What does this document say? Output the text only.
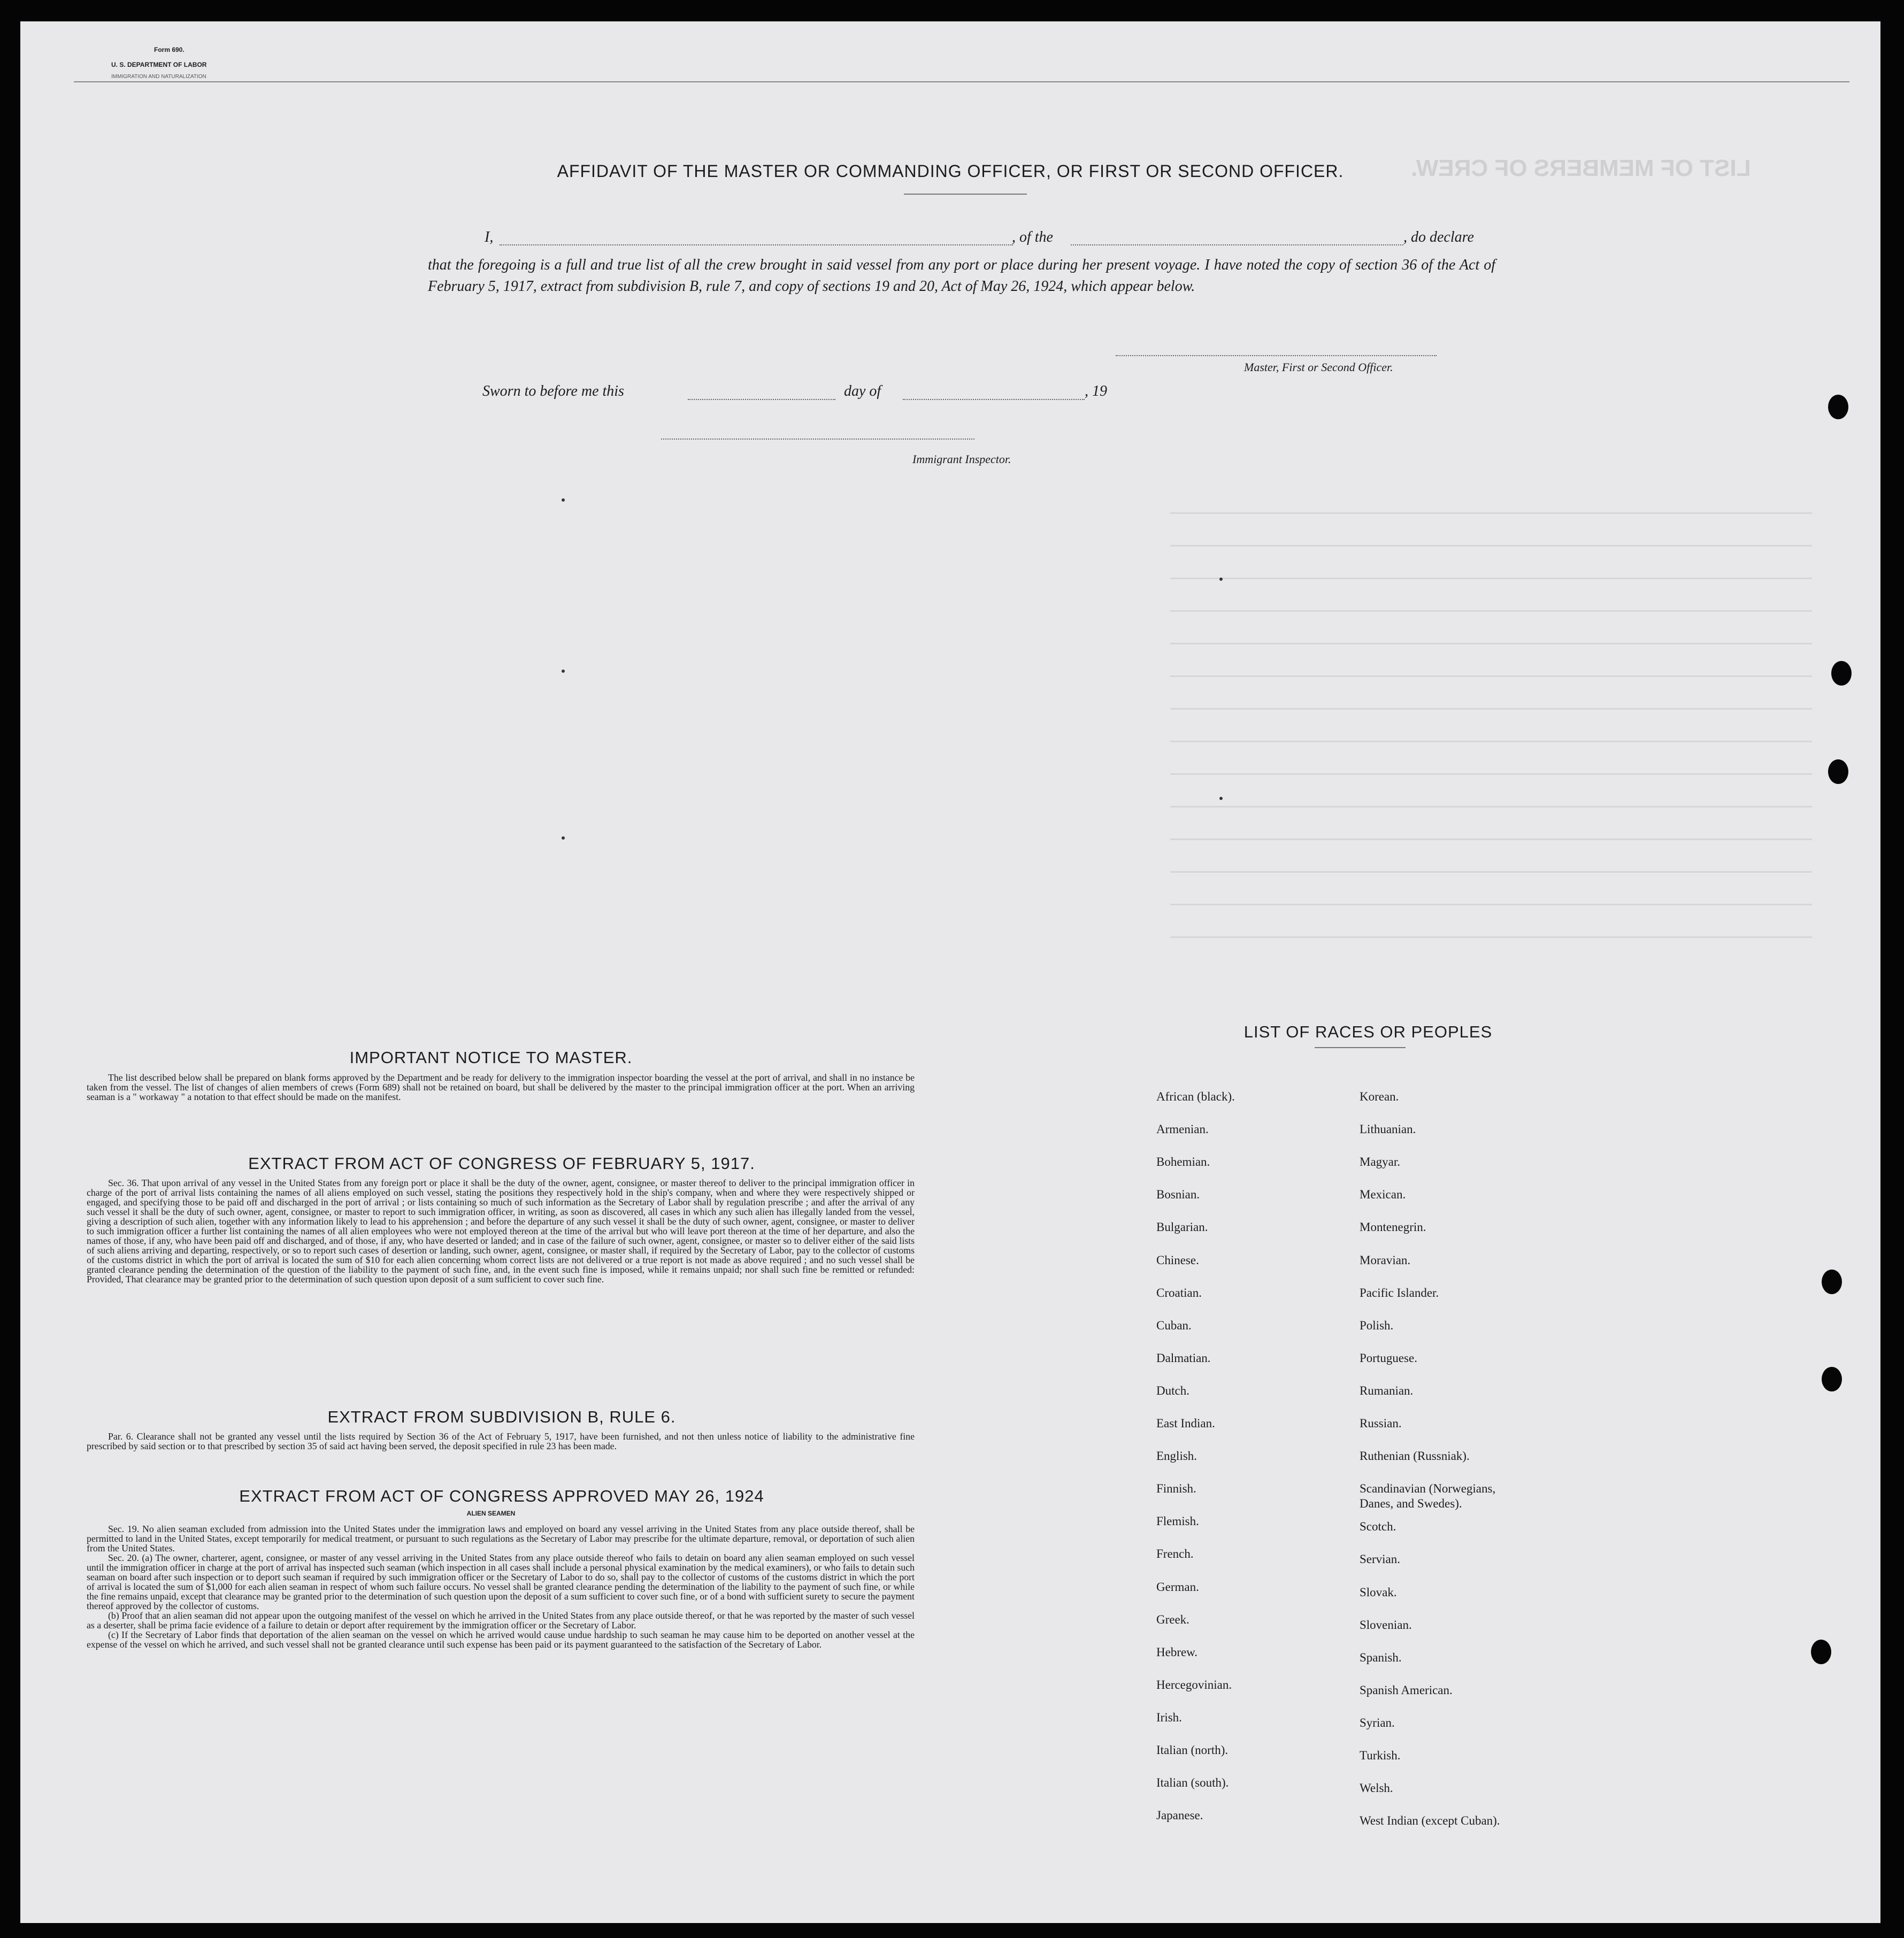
LIST OF MEMBERS OF CREW.
Form 690.
U. S. DEPARTMENT OF LABOR
IMMIGRATION AND NATURALIZATION
AFFIDAVIT OF THE MASTER OR COMMANDING OFFICER, OR FIRST OR SECOND OFFICER.
I,	, of the	, do declare
that the foregoing is a full and true list of all the crew brought in said vessel from any port or place during her present voyage. I have noted the copy of section 36 of the Act of February 5, 1917, extract from subdivision B, rule 7, and copy of sections 19 and 20, Act of May 26, 1924, which appear below.
Master, First or Second Officer.
Sworn to before me this	day of	, 19
Immigrant Inspector.
IMPORTANT NOTICE TO MASTER.

The list described below shall be prepared on blank forms approved by the Department and be ready for delivery to the immigration inspector boarding the vessel at the port of arrival, and shall in no instance be taken from the vessel. The list of changes of alien members of crews (Form 689) shall not be retained on board, but shall be delivered by the master to the principal immigration officer at the port. When an arriving seaman is a " workaway " a notation to that effect should be made on the manifest.

EXTRACT FROM ACT OF CONGRESS OF FEBRUARY 5, 1917.

Sec. 36. That upon arrival of any vessel in the United States from any foreign port or place it shall be the duty of the owner, agent, consignee, or master thereof to deliver to the principal immigration officer in charge of the port of arrival lists containing the names of all aliens employed on such vessel, stating the positions they respectively hold in the ship's company, when and where they were respectively shipped or engaged, and specifying those to be paid off and discharged in the port of arrival ; or lists containing so much of such information as the Secretary of Labor shall by regulation prescribe ; and after the arrival of any such vessel it shall be the duty of such owner, agent, consignee, or master to report to such immigration officer, in writing, as soon as discovered, all cases in which any such alien has illegally landed from the vessel, giving a description of such alien, together with any information likely to lead to his apprehension ; and before the departure of any such vessel it shall be the duty of such owner, agent, consignee, or master to deliver to such immigration officer a further list containing the names of all alien employees who were not employed thereon at the time of the arrival but who will leave port thereon at the time of her departure, and also the names of those, if any, who have been paid off and discharged, and of those, if any, who have deserted or landed; and in case of the failure of such owner, agent, consignee, or master so to deliver either of the said lists of such aliens arriving and departing, respectively, or so to report such cases of desertion or landing, such owner, agent, consignee, or master shall, if required by the Secretary of Labor, pay to the collector of customs of the customs district in which the port of arrival is located the sum of $10 for each alien concerning whom correct lists are not delivered or a true report is not made as above required ; and no such vessel shall be granted clearance pending the determination of the question of the liability to the payment of such fine, and, in the event such fine is imposed, while it remains unpaid; nor shall such fine be remitted or refunded: Provided, That clearance may be granted prior to the determination of such question upon deposit of a sum sufficient to cover such fine.

EXTRACT FROM SUBDIVISION B, RULE 6.

Par. 6. Clearance shall not be granted any vessel until the lists required by Section 36 of the Act of February 5, 1917, have been furnished, and not then unless notice of liability to the administrative fine prescribed by said section or to that prescribed by section 35 of said act having been served, the deposit specified in rule 23 has been made.

EXTRACT FROM ACT OF CONGRESS APPROVED MAY 26, 1924
ALIEN SEAMEN

Sec. 19. No alien seaman excluded from admission into the United States under the immigration laws and employed on board any vessel arriving in the United States from any place outside thereof, shall be permitted to land in the United States, except temporarily for medical treatment, or pursuant to such regulations as the Secretary of Labor may prescribe for the ultimate departure, removal, or deportation of such alien from the United States.

Sec. 20. (a) The owner, charterer, agent, consignee, or master of any vessel arriving in the United States from any place outside thereof who fails to detain on board any alien seaman employed on such vessel until the immigration officer in charge at the port of arrival has inspected such seaman (which inspection in all cases shall include a personal physical examination by the medical examiners), or who fails to detain such seaman on board after such inspection or to deport such seaman if required by such immigration officer or the Secretary of Labor to do so, shall pay to the collector of customs of the customs district in which the port of arrival is located the sum of $1,000 for each alien seaman in respect of whom such failure occurs. No vessel shall be granted clearance pending the determination of the liability to the payment of such fine, or while the fine remains unpaid, except that clearance may be granted prior to the determination of such question upon the deposit of a sum sufficient to cover such fine, or of a bond with sufficient surety to secure the payment thereof approved by the collector of customs.

(b) Proof that an alien seaman did not appear upon the outgoing manifest of the vessel on which he arrived in the United States from any place outside thereof, or that he was reported by the master of such vessel as a deserter, shall be prima facie evidence of a failure to detain or deport after requirement by the immigration officer or the Secretary of Labor.

(c) If the Secretary of Labor finds that deportation of the alien seaman on the vessel on which he arrived would cause undue hardship to such seaman he may cause him to be deported on another vessel at the expense of the vessel on which he arrived, and such vessel shall not be granted clearance until such expense has been paid or its payment guaranteed to the satisfaction of the Secretary of Labor.

LIST OF RACES OR PEOPLES
African (black).
Armenian.
Bohemian.
Bosnian.
Bulgarian.
Chinese.
Croatian.
Cuban.
Dalmatian.
Dutch.
East Indian.
English.
Finnish.
Flemish.
French.
German.
Greek.
Hebrew.
Hercegovinian.
Irish.
Italian (north).
Italian (south).
Japanese.
Korean.
Lithuanian.
Magyar.
Mexican.
Montenegrin.
Moravian.
Pacific Islander.
Polish.
Portuguese.
Rumanian.
Russian.
Ruthenian (Russniak).
Scandinavian (Norwegians,
Danes, and Swedes).
Scotch.
Servian.
Slovak.
Slovenian.
Spanish.
Spanish American.
Syrian.
Turkish.
Welsh.
West Indian (except Cuban).
